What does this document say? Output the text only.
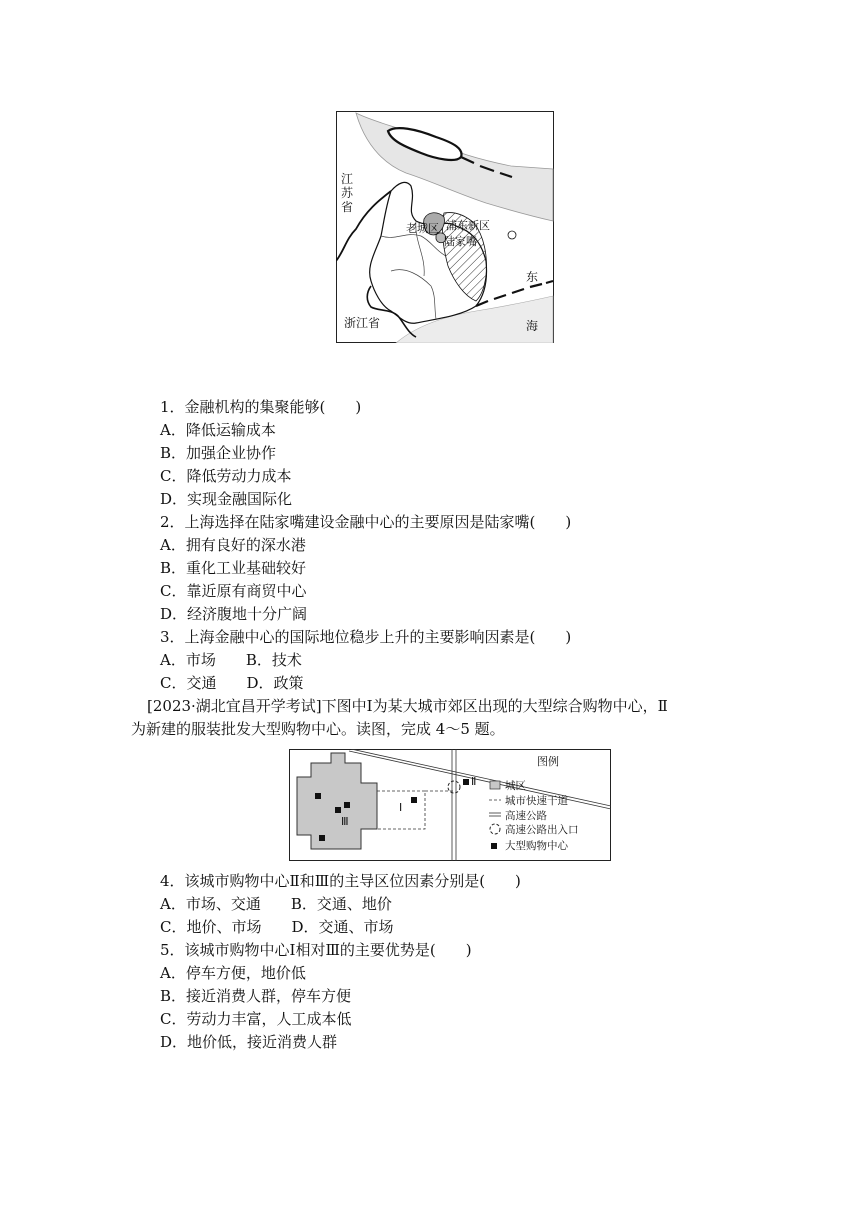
江 苏 省
老城区 浦东新区
陆家嘴
东
浙江省	海
1．金融机构的集聚能够(　　)
A．降低运输成本
B．加强企业协作
C．降低劳动力成本
D．实现金融国际化
2．上海选择在陆家嘴建设金融中心的主要原因是陆家嘴(　　)
A．拥有良好的深水港
B．重化工业基础较好
C．靠近原有商贸中心
D．经济腹地十分广阔
3．上海金融中心的国际地位稳步上升的主要影响因素是(　　)
A．市场　　B．技术
C．交通　　D．政策
[2023·湖北宜昌开学考试]下图中Ⅰ为某大城市郊区出现的大型综合购物中心，Ⅱ
为新建的服装批发大型购物中心。读图，完成 4～5 题。
Ⅱ
Ⅰ
Ⅲ
图例
城区
城市快速干道
高速公路
高速公路出入口
大型购物中心
4．该城市购物中心Ⅱ和Ⅲ的主导区位因素分别是(　　)
A．市场、交通　　B．交通、地价
C．地价、市场　　D．交通、市场
5．该城市购物中心Ⅰ相对Ⅲ的主要优势是(　　)
A．停车方便，地价低
B．接近消费人群，停车方便
C．劳动力丰富，人工成本低
D．地价低，接近消费人群
